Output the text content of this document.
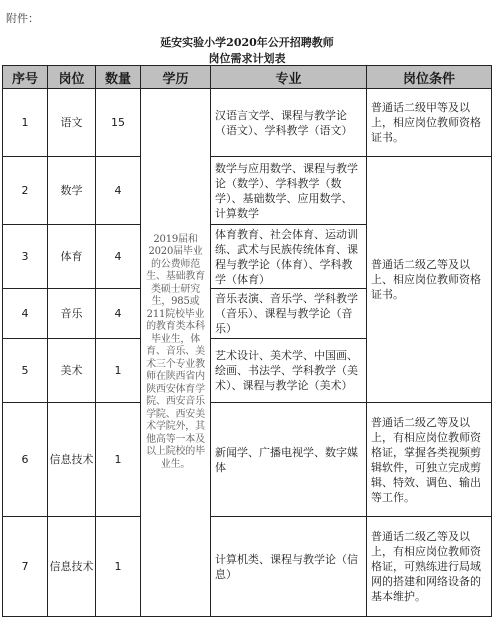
附件：
延安实验小学2020年公开招聘教师
岗位需求计划表
序号	岗位	数量	学历	专业	岗位条件
1	语文	15	2019届和2020届毕业的公费师范生、基础教育类硕士研究生，985或211院校毕业的教育类本科毕业生，体育、音乐、美术三个专业教师在陕西省内陕西安体育学院、西安音乐学院、西安美术学院外，其他高等一本及以上院校的毕业生。	汉语言文学、课程与教学论（语文）、学科教学（语文）	普通话二级甲等及以上，相应岗位教师资格证书。
2	数学	4		数学与应用数学、课程与教学论（数学）、学科教学（数学）、基础数学、应用数学、计算数学	普通话二级乙等及以上、相应岗位教师资格证书。
3	体育	4		体育教育、社会体育、运动训练、武术与民族传统体育、课程与教学论（体育）、学科教学（体育）	
4	音乐	4		音乐表演、音乐学、学科教学（音乐）、课程与教学论（音乐）	
5	美术	1		艺术设计、美术学、中国画、绘画、书法学、学科教学（美术）、课程与教学论（美术）	
6	信息技术	1		新闻学、广播电视学、数字媒体	普通话二级乙等及以上，有相应岗位教师资格证，掌握各类视频剪辑软件，可独立完成剪辑、特效、调色、输出等工作。
7	信息技术	1		计算机类、课程与教学论（信息）	普通话二级乙等及以上，有相应岗位教师资格证，可熟练进行局域网的搭建和网络设备的基本维护。
